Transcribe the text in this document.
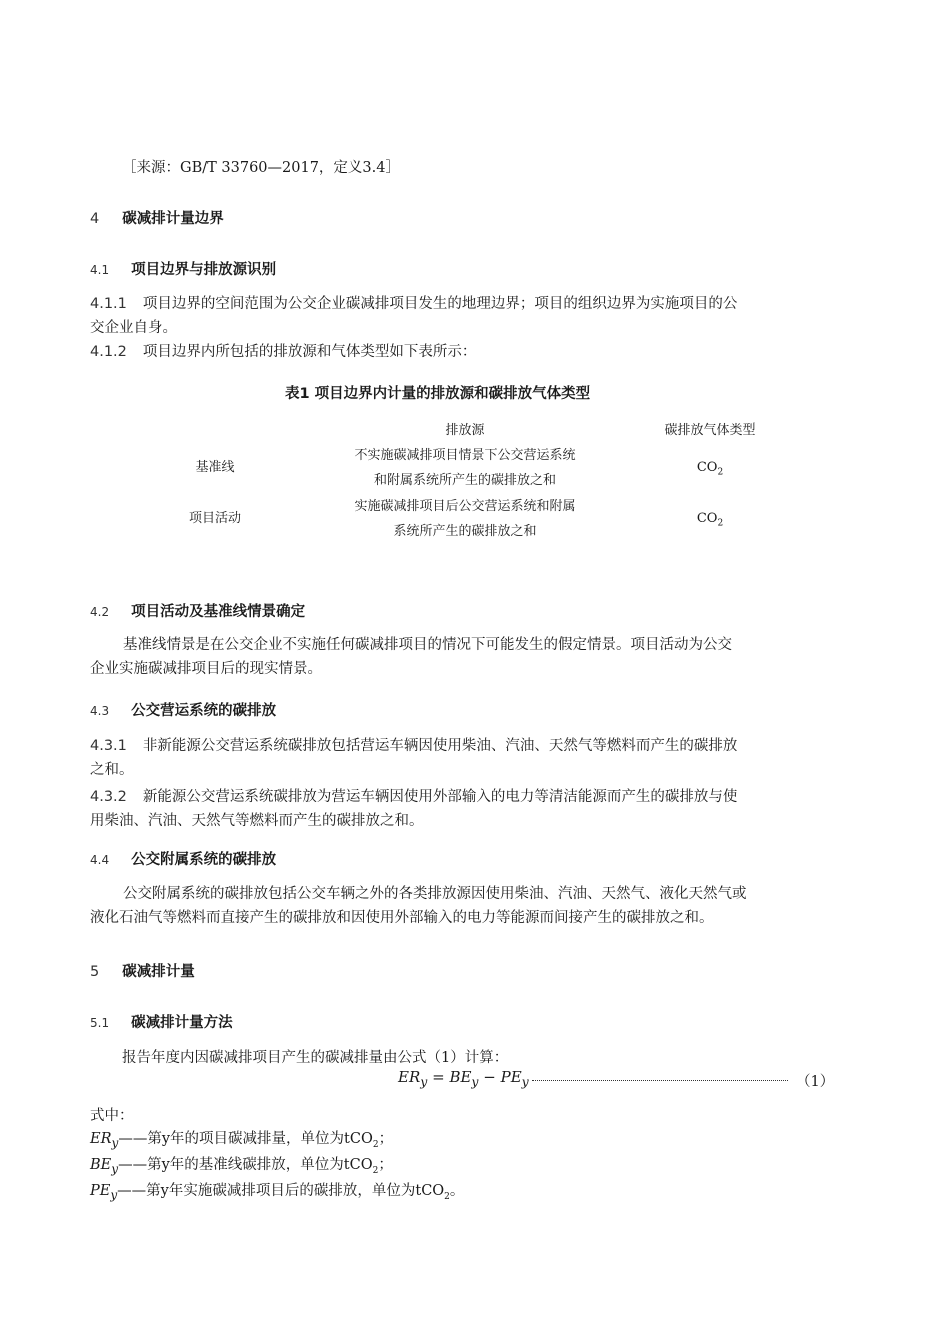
［来源：GB/T 33760—2017，定义3.4］
4 碳减排计量边界
4.1 项目边界与排放源识别
4.1.1 项目边界的空间范围为公交企业碳减排项目发生的地理边界；项目的组织边界为实施项目的公
交企业自身。
4.1.2 项目边界内所包括的排放源和气体类型如下表所示：
表1 项目边界内计量的排放源和碳排放气体类型
排放源	碳排放气体类型
基准线
不实施碳减排项目情景下公交营运系统
和附属系统所产生的碳排放之和
$CO_2$
项目活动
实施碳减排项目后公交营运系统和附属
系统所产生的碳排放之和
$CO_2$
4.2 项目活动及基准线情景确定
基准线情景是在公交企业不实施任何碳减排项目的情况下可能发生的假定情景。项目活动为公交
企业实施碳减排项目后的现实情景。
4.3 公交营运系统的碳排放
4.3.1 非新能源公交营运系统碳排放包括营运车辆因使用柴油、汽油、天然气等燃料而产生的碳排放
之和。
4.3.2 新能源公交营运系统碳排放为营运车辆因使用外部输入的电力等清洁能源而产生的碳排放与使
用柴油、汽油、天然气等燃料而产生的碳排放之和。
4.4 公交附属系统的碳排放
公交附属系统的碳排放包括公交车辆之外的各类排放源因使用柴油、汽油、天然气、液化天然气或
液化石油气等燃料而直接产生的碳排放和因使用外部输入的电力等能源而间接产生的碳排放之和。
5 碳减排计量
5.1 碳减排计量方法
报告年度内因碳减排项目产生的碳减排量由公式（1）计算：
$ER_y = BE_y - PE_y$	（1）
式中：
$ER_y——$第y年的项目碳减排量，单位为tCO$_2$；
$BE_y——$第y年的基准线碳排放，单位为tCO$_2$；
$PE_y——$第y年实施碳减排项目后的碳排放，单位为tCO$_2$。
